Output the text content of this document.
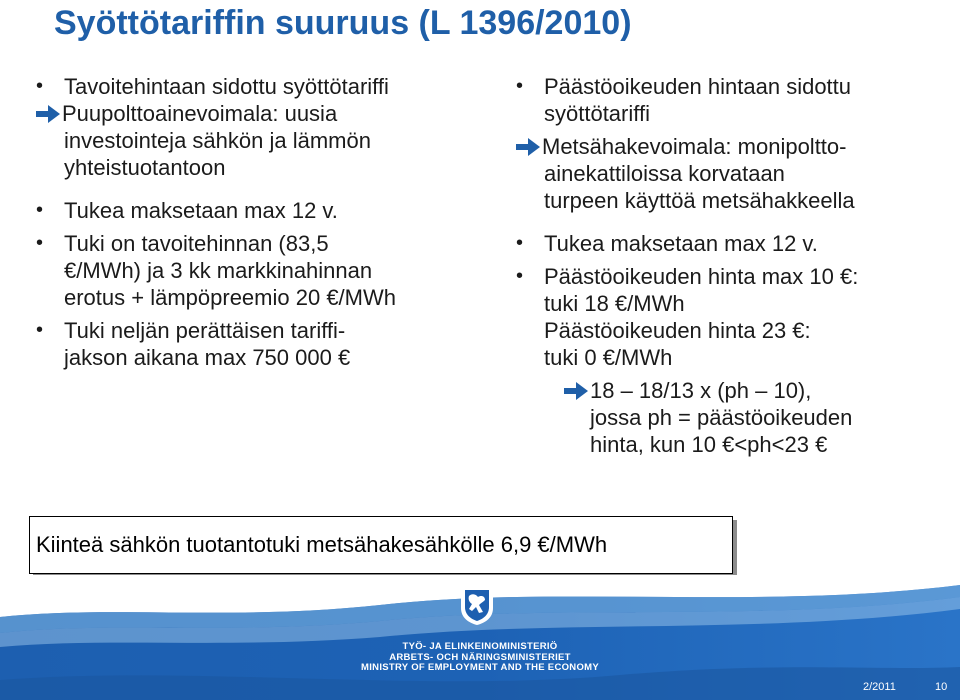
Syöttötariffin suuruus (L 1396/2010)
• Tavoitehintaan sidottu syöttötariffi
Puupolttoainevoimala: uusia
investointeja sähkön ja lämmön
yhteistuotantoon
• Tukea maksetaan max 12 v.
• Tuki on tavoitehinnan (83,5
€/MWh) ja 3 kk markkinahinnan
erotus + lämpöpreemio 20 €/MWh
• Tuki neljän perättäisen tariffi-
jakson aikana max 750 000 €
• Päästöoikeuden hintaan sidottu
syöttötariffi
Metsähakevoimala: monipoltto-
ainekattiloissa korvataan
turpeen käyttöä metsähakkeella
• Tukea maksetaan max 12 v.
• Päästöoikeuden hinta max 10 €:
tuki 18 €/MWh
Päästöoikeuden hinta 23 €:
tuki 0 €/MWh
18 – 18/13 x (ph – 10),
jossa ph = päästöoikeuden
hinta, kun 10 €<ph<23 €
Kiinteä sähkön tuotantotuki metsähakesähkölle 6,9 €/MWh
TYÖ- JA ELINKEINOMINISTERIÖ
ARBETS- OCH NÄRINGSMINISTERIET
MINISTRY OF EMPLOYMENT AND THE ECONOMY
2/2011	10
